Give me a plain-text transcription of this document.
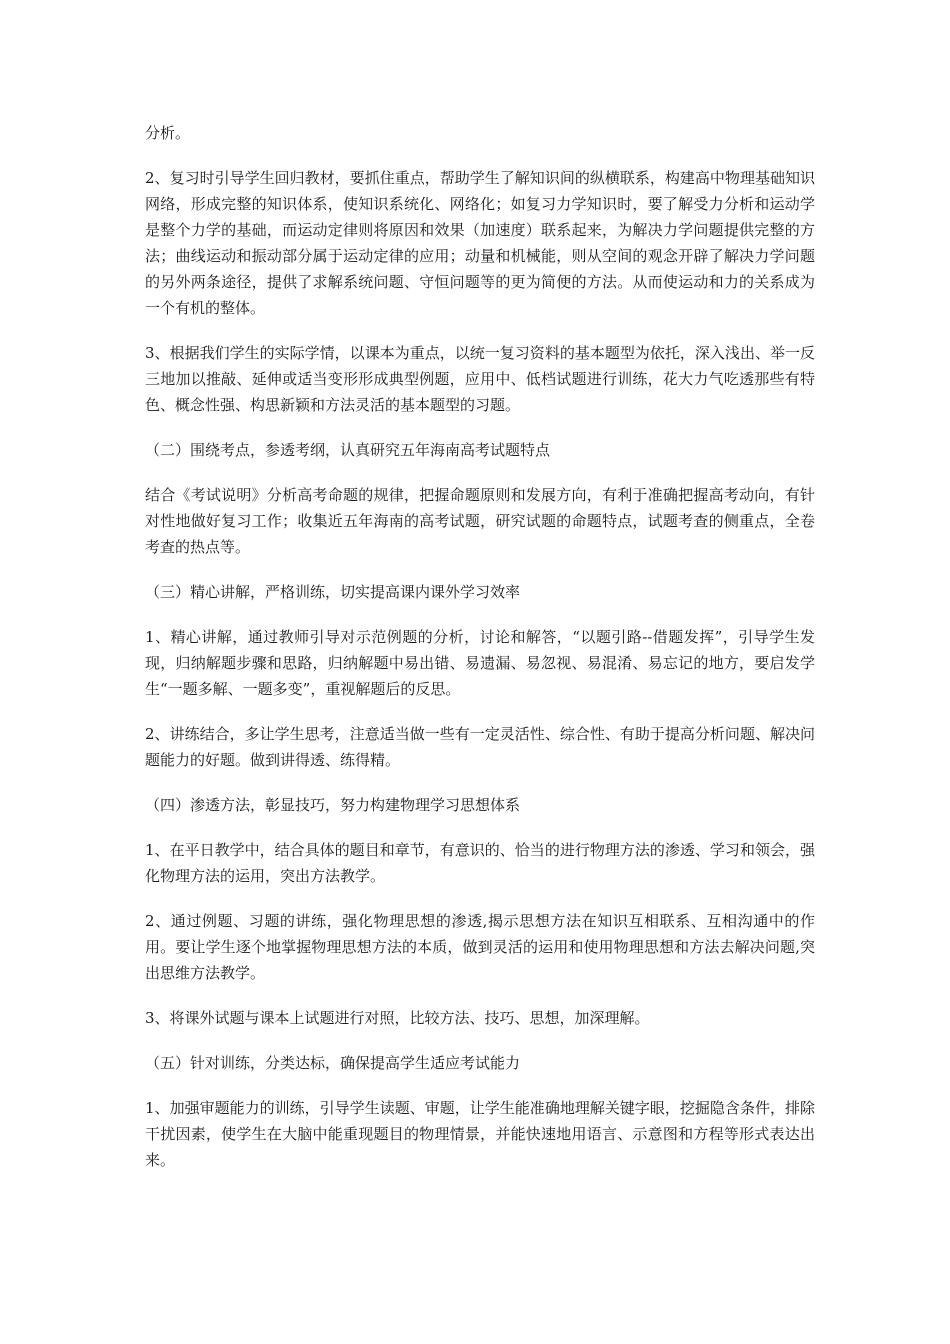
分析。

2、复习时引导学生回归教材，要抓住重点，帮助学生了解知识间的纵横联系，构建高中物理基础知识网络，形成完整的知识体系，使知识系统化、网络化；如复习力学知识时，要了解受力分析和运动学是整个力学的基础，而运动定律则将原因和效果（加速度）联系起来，为解决力学问题提供完整的方法；曲线运动和振动部分属于运动定律的应用；动量和机械能，则从空间的观念开辟了解决力学问题的另外两条途径，提供了求解系统问题、守恒问题等的更为简便的方法。从而使运动和力的关系成为一个有机的整体。

3、根据我们学生的实际学情，以课本为重点，以统一复习资料的基本题型为依托，深入浅出、举一反三地加以推敲、延伸或适当变形形成典型例题，应用中、低档试题进行训练，花大力气吃透那些有特色、概念性强、构思新颖和方法灵活的基本题型的习题。

（二）围绕考点，参透考纲，认真研究五年海南高考试题特点

结合《考试说明》分析高考命题的规律，把握命题原则和发展方向，有利于准确把握高考动向，有针对性地做好复习工作；收集近五年海南的高考试题，研究试题的命题特点，试题考查的侧重点，全卷考查的热点等。

（三）精心讲解，严格训练，切实提高课内课外学习效率

1、精心讲解，通过教师引导对示范例题的分析，讨论和解答，“以题引路--借题发挥”，引导学生发现，归纳解题步骤和思路，归纳解题中易出错、易遗漏、易忽视、易混淆、易忘记的地方，要启发学生“一题多解、一题多变”，重视解题后的反思。

2、讲练结合，多让学生思考，注意适当做一些有一定灵活性、综合性、有助于提高分析问题、解决问题能力的好题。做到讲得透、练得精。

（四）渗透方法，彰显技巧，努力构建物理学习思想体系

1、在平日教学中，结合具体的题目和章节，有意识的、恰当的进行物理方法的渗透、学习和领会，强化物理方法的运用，突出方法教学。

2、通过例题、习题的讲练，强化物理思想的渗透,揭示思想方法在知识互相联系、互相沟通中的作用。要让学生逐个地掌握物理思想方法的本质，做到灵活的运用和使用物理思想和方法去解决问题,突出思维方法教学。

3、将课外试题与课本上试题进行对照，比较方法、技巧、思想，加深理解。

（五）针对训练，分类达标，确保提高学生适应考试能力

1、加强审题能力的训练，引导学生读题、审题，让学生能准确地理解关键字眼，挖掘隐含条件，排除干扰因素，使学生在大脑中能重现题目的物理情景，并能快速地用语言、示意图和方程等形式表达出来。
